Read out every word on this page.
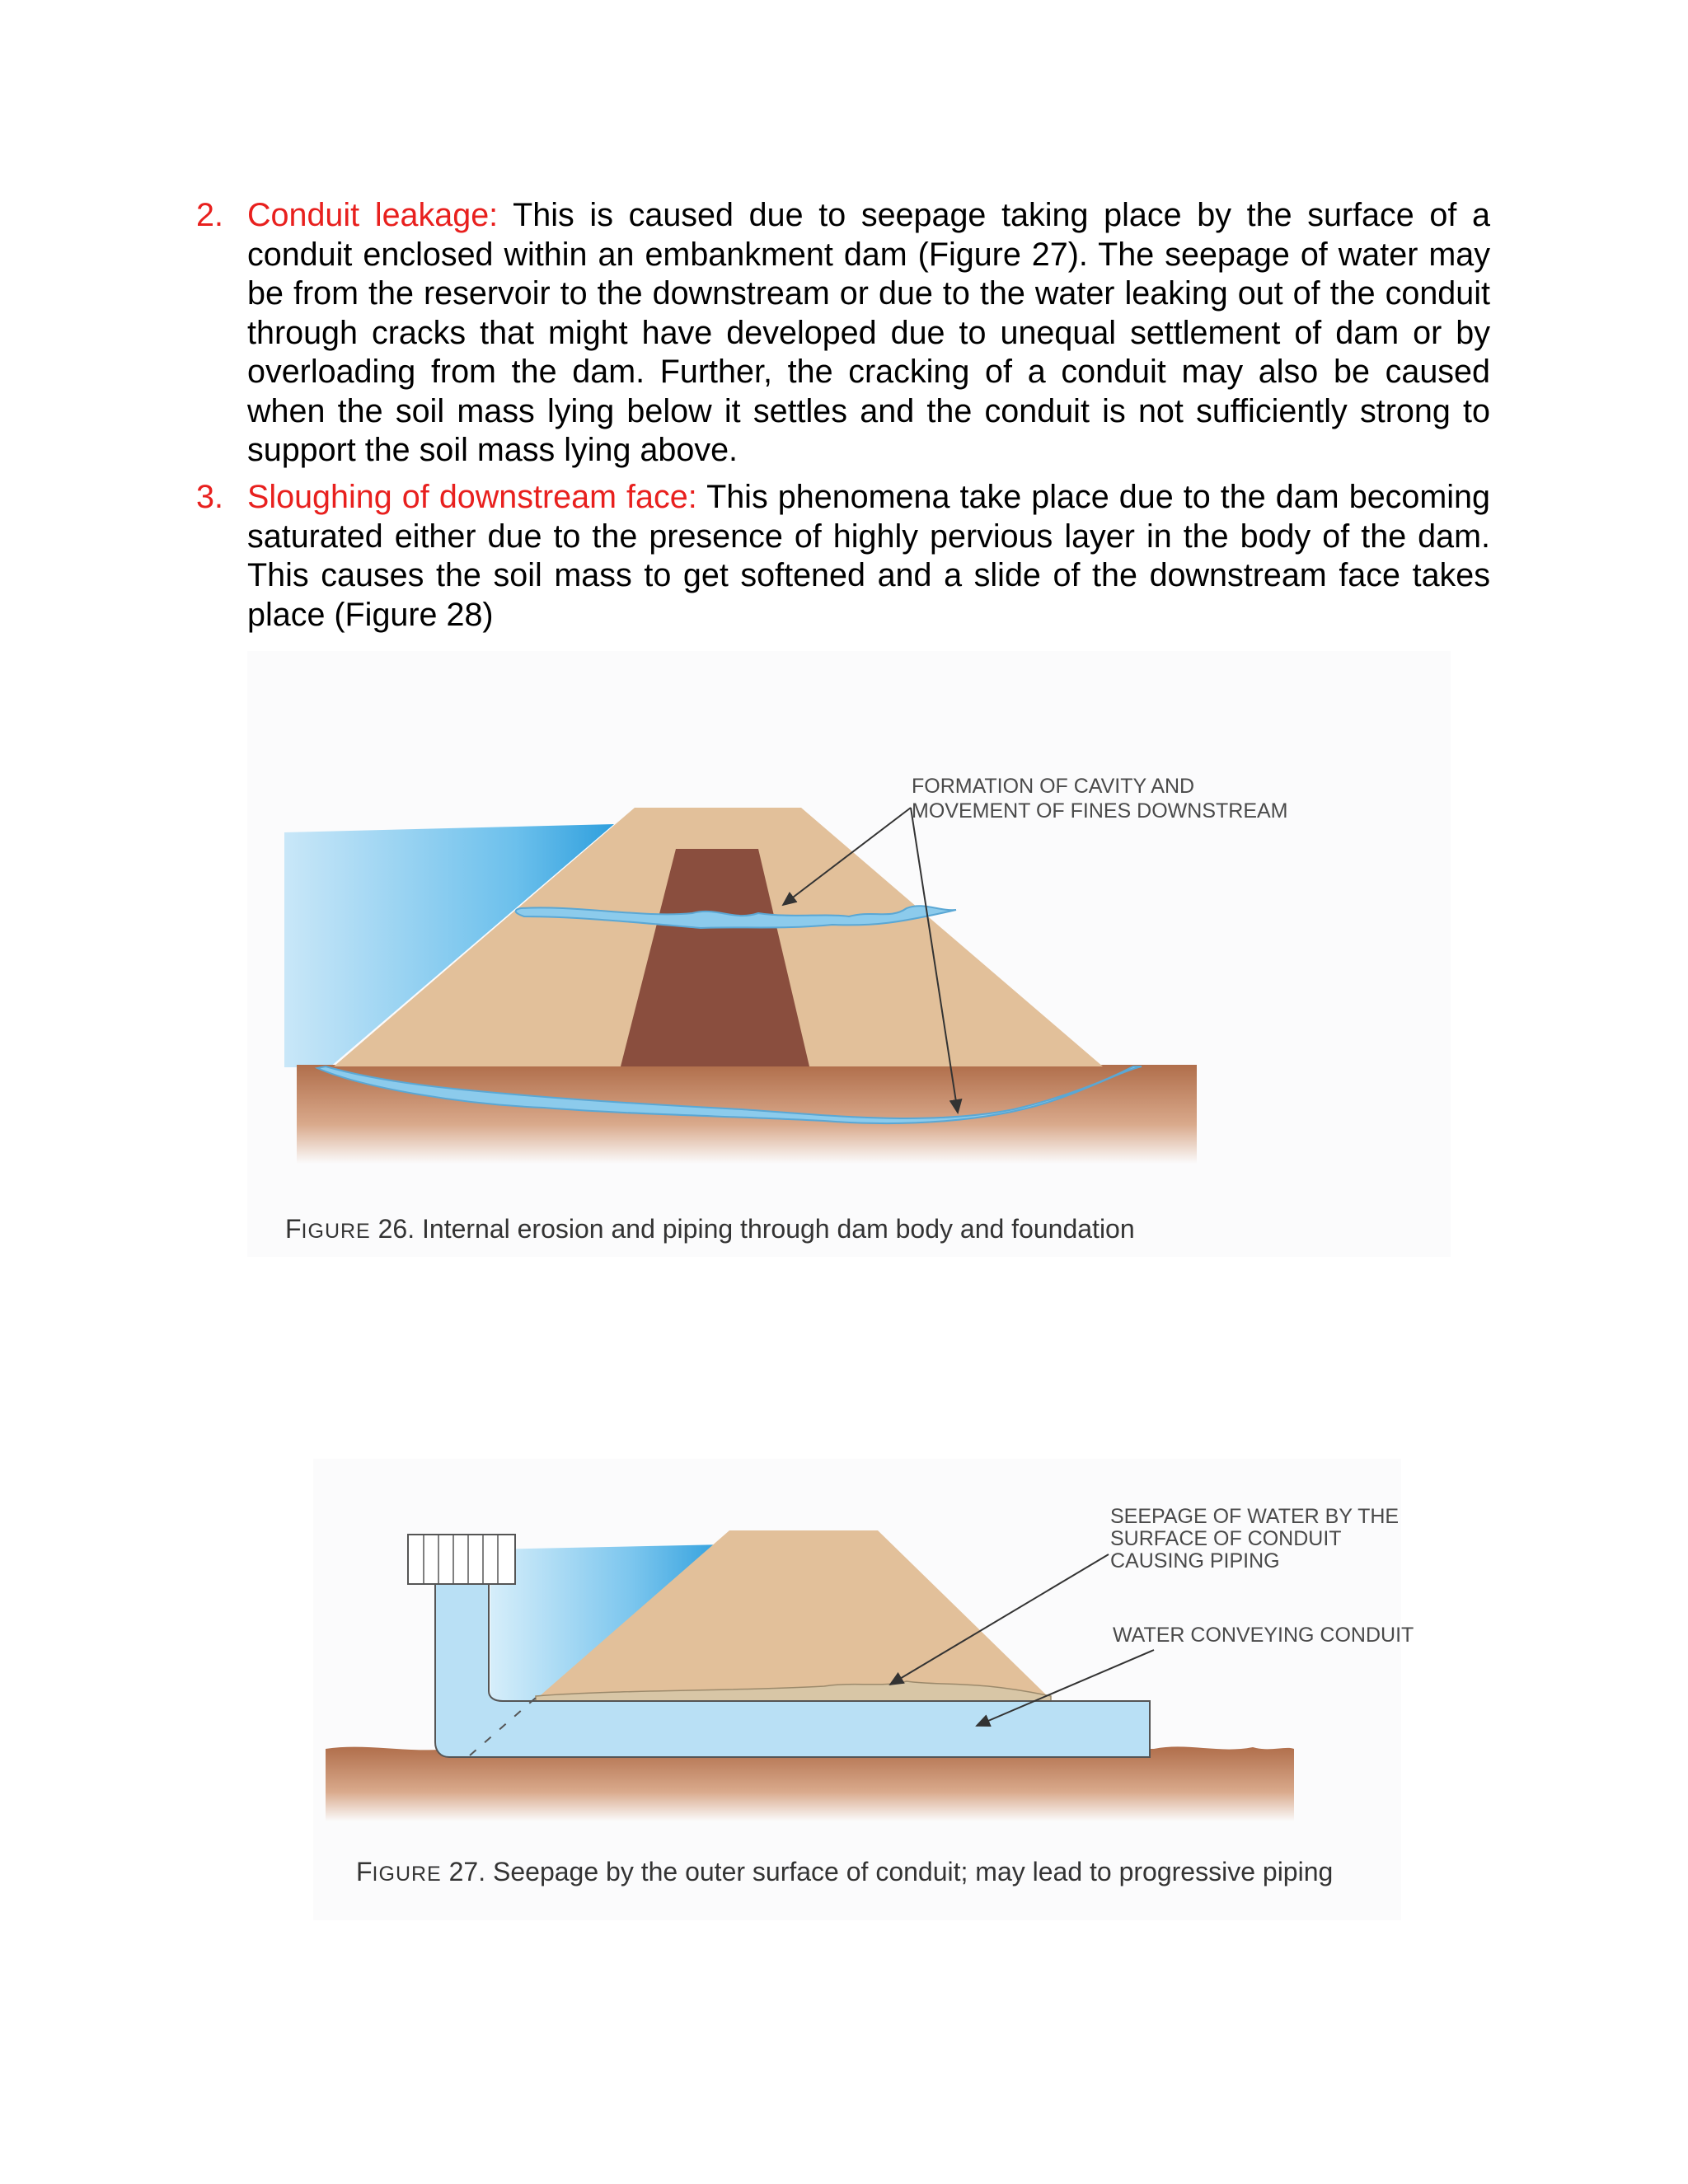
2. Conduit leakage: This is caused due to seepage taking place by the surface of a conduit enclosed within an embankment dam (Figure 27). The seepage of water may be from the reservoir to the downstream or due to the water leaking out of the conduit through cracks that might have developed due to unequal settlement of dam or by overloading from the dam. Further, the cracking of a conduit may also be caused when the soil mass lying below it settles and the conduit is not sufficiently strong to support the soil mass lying above.
3. Sloughing of downstream face: This phenomena take place due to the dam becoming saturated either due to the presence of highly pervious layer in the body of the dam. This causes the soil mass to get softened and a slide of the downstream face takes place (Figure 28)
FORMATION OF CAVITY AND
MOVEMENT OF FINES DOWNSTREAM
FIGURE 26. Internal erosion and piping through dam body and foundation
SEEPAGE OF WATER BY THE
SURFACE OF CONDUIT
CAUSING PIPING
WATER CONVEYING CONDUIT
FIGURE 27. Seepage by the outer surface of conduit; may lead to progressive piping
